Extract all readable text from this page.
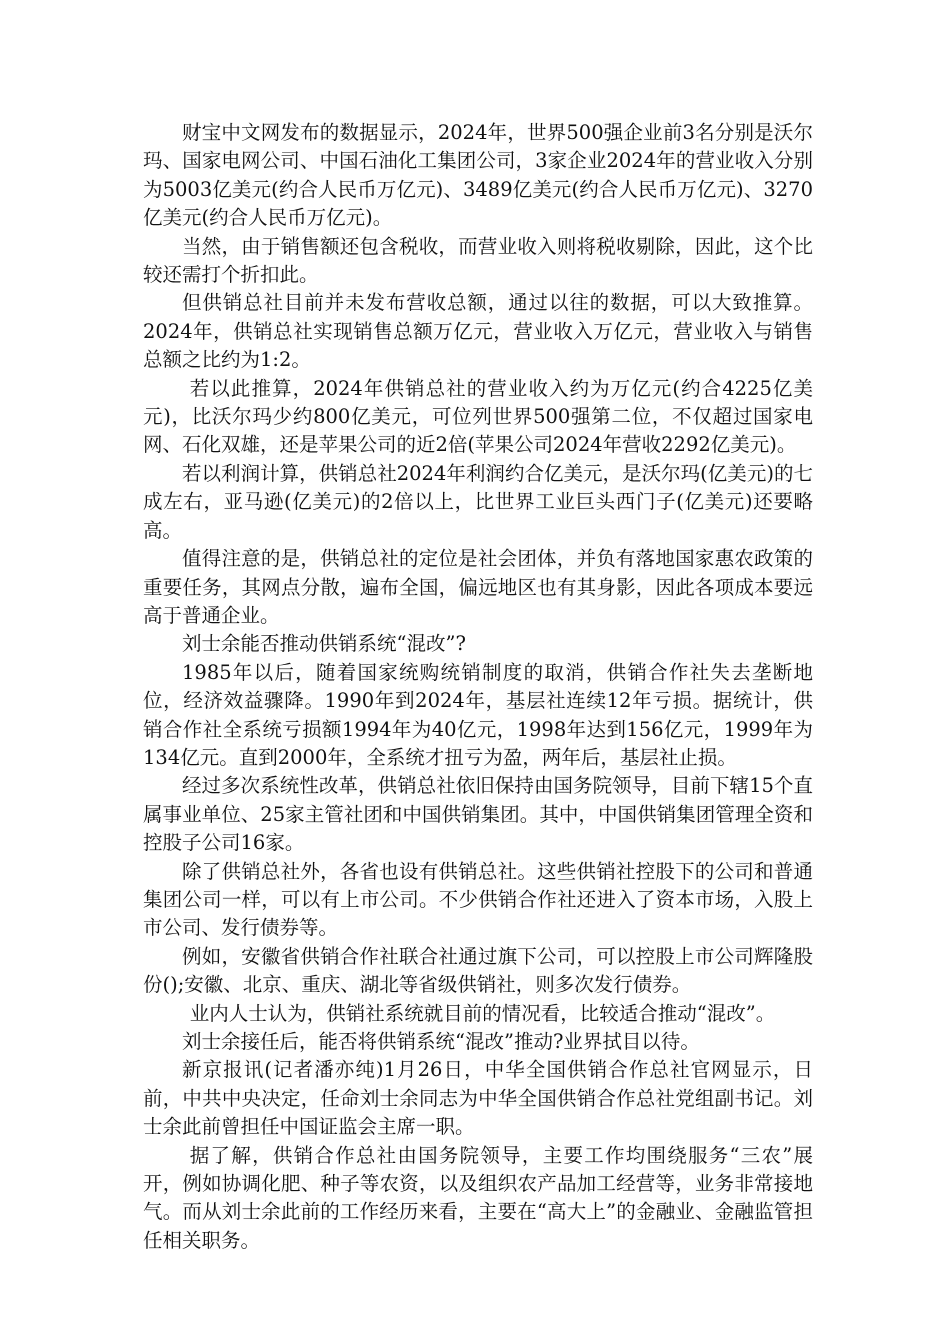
财宝中文网发布的数据显示，2024年，世界500强企业前3名分别是沃尔玛、国家电网公司、中国石油化工集团公司，3家企业2024年的营业收入分别为5003亿美元(约合人民币万亿元)、3489亿美元(约合人民币万亿元)、3270亿美元(约合人民币万亿元)。

当然，由于销售额还包含税收，而营业收入则将税收剔除，因此，这个比较还需打个折扣此。

但供销总社目前并未发布营收总额，通过以往的数据，可以大致推算。2024年，供销总社实现销售总额万亿元，营业收入万亿元，营业收入与销售总额之比约为1:2。

若以此推算，2024年供销总社的营业收入约为万亿元(约合4225亿美元)，比沃尔玛少约800亿美元，可位列世界500强第二位，不仅超过国家电网、石化双雄，还是苹果公司的近2倍(苹果公司2024年营收2292亿美元)。

若以利润计算，供销总社2024年利润约合亿美元，是沃尔玛(亿美元)的七成左右，亚马逊(亿美元)的2倍以上，比世界工业巨头西门子(亿美元)还要略高。

值得注意的是，供销总社的定位是社会团体，并负有落地国家惠农政策的重要任务，其网点分散，遍布全国，偏远地区也有其身影，因此各项成本要远高于普通企业。

刘士余能否推动供销系统“混改”?

1985年以后，随着国家统购统销制度的取消，供销合作社失去垄断地位，经济效益骤降。1990年到2024年，基层社连续12年亏损。据统计，供销合作社全系统亏损额1994年为40亿元，1998年达到156亿元，1999年为134亿元。直到2000年，全系统才扭亏为盈，两年后，基层社止损。

经过多次系统性改革，供销总社依旧保持由国务院领导，目前下辖15个直属事业单位、25家主管社团和中国供销集团。其中，中国供销集团管理全资和控股子公司16家。

除了供销总社外，各省也设有供销总社。这些供销社控股下的公司和普通集团公司一样，可以有上市公司。不少供销合作社还进入了资本市场，入股上市公司、发行债券等。

例如，安徽省供销合作社联合社通过旗下公司，可以控股上市公司辉隆股份();安徽、北京、重庆、湖北等省级供销社，则多次发行债券。

业内人士认为，供销社系统就目前的情况看，比较适合推动“混改”。

刘士余接任后，能否将供销系统“混改”推动?业界拭目以待。

新京报讯(记者潘亦纯)1月26日，中华全国供销合作总社官网显示，日前，中共中央决定，任命刘士余同志为中华全国供销合作总社党组副书记。刘士余此前曾担任中国证监会主席一职。

据了解，供销合作总社由国务院领导，主要工作均围绕服务“三农”展开，例如协调化肥、种子等农资，以及组织农产品加工经营等，业务非常接地气。而从刘士余此前的工作经历来看，主要在“高大上”的金融业、金融监管担任相关职务。
